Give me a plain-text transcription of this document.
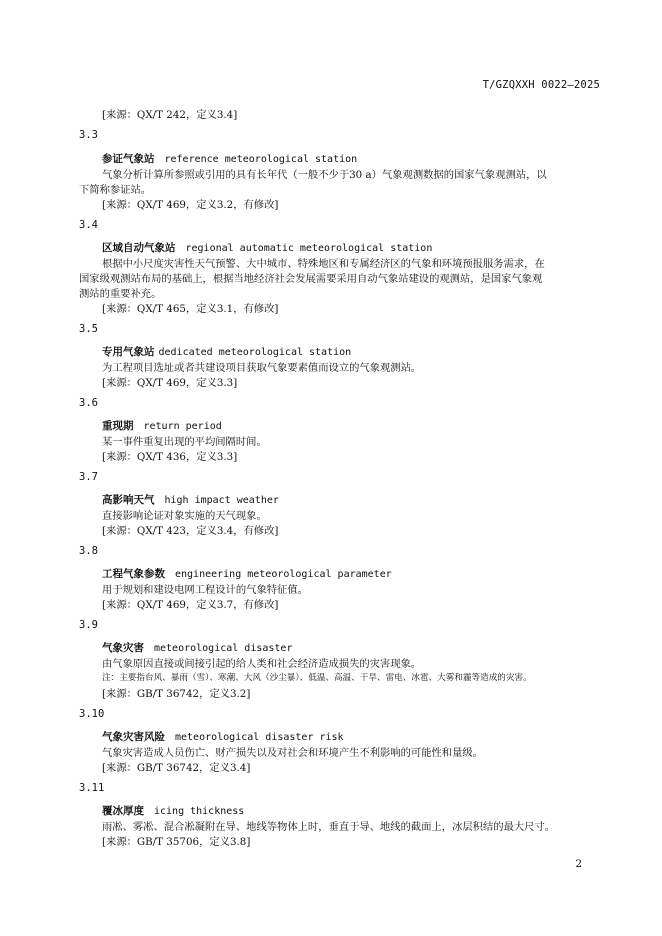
T/GZQXXH 0022—2025
[来源：QX/T 242，定义3.4]
3.3
参证气象站 reference meteorological station
气象分析计算所参照或引用的具有长年代（一般不少于30 a）气象观测数据的国家气象观测站，以
下简称参证站。
[来源：QX/T 469，定义3.2，有修改]
3.4
区域自动气象站 regional automatic meteorological station
根据中小尺度灾害性天气预警、大中城市、特殊地区和专属经济区的气象和环境预报服务需求，在
国家级观测站布局的基础上，根据当地经济社会发展需要采用自动气象站建设的观测站，是国家气象观
测站的重要补充。
[来源：QX/T 465，定义3.1，有修改]
3.5
专用气象站 dedicated meteorological station
为工程项目选址或者共建设项目获取气象要素值而设立的气象观测站。
[来源：QX/T 469，定义3.3]
3.6
重现期 return period
某一事件重复出现的平均间隔时间。
[来源：QX/T 436，定义3.3]
3.7
高影响天气 high impact weather
直接影响论证对象实施的天气现象。
[来源：QX/T 423，定义3.4，有修改]
3.8
工程气象参数 engineering meteorological parameter
用于规划和建设电网工程设计的气象特征值。
[来源：QX/T 469，定义3.7，有修改]
3.9
气象灾害 meteorological disaster
由气象原因直接或间接引起的给人类和社会经济造成损失的灾害现象。
注：主要指台风、暴雨（雪）、寒潮、大风（沙尘暴）、低温、高温、干旱、雷电、冰雹、大雾和霾等造成的灾害。
[来源：GB/T 36742，定义3.2]
3.10
气象灾害风险 meteorological disaster risk
气象灾害造成人员伤亡、财产损失以及对社会和环境产生不利影响的可能性和量级。
[来源：GB/T 36742，定义3.4]
3.11
覆冰厚度 icing thickness
雨凇、雾凇、混合凇凝附在导、地线等物体上时，垂直于导、地线的截面上，冰层积结的最大尺寸。
[来源：GB/T 35706，定义3.8]
2
